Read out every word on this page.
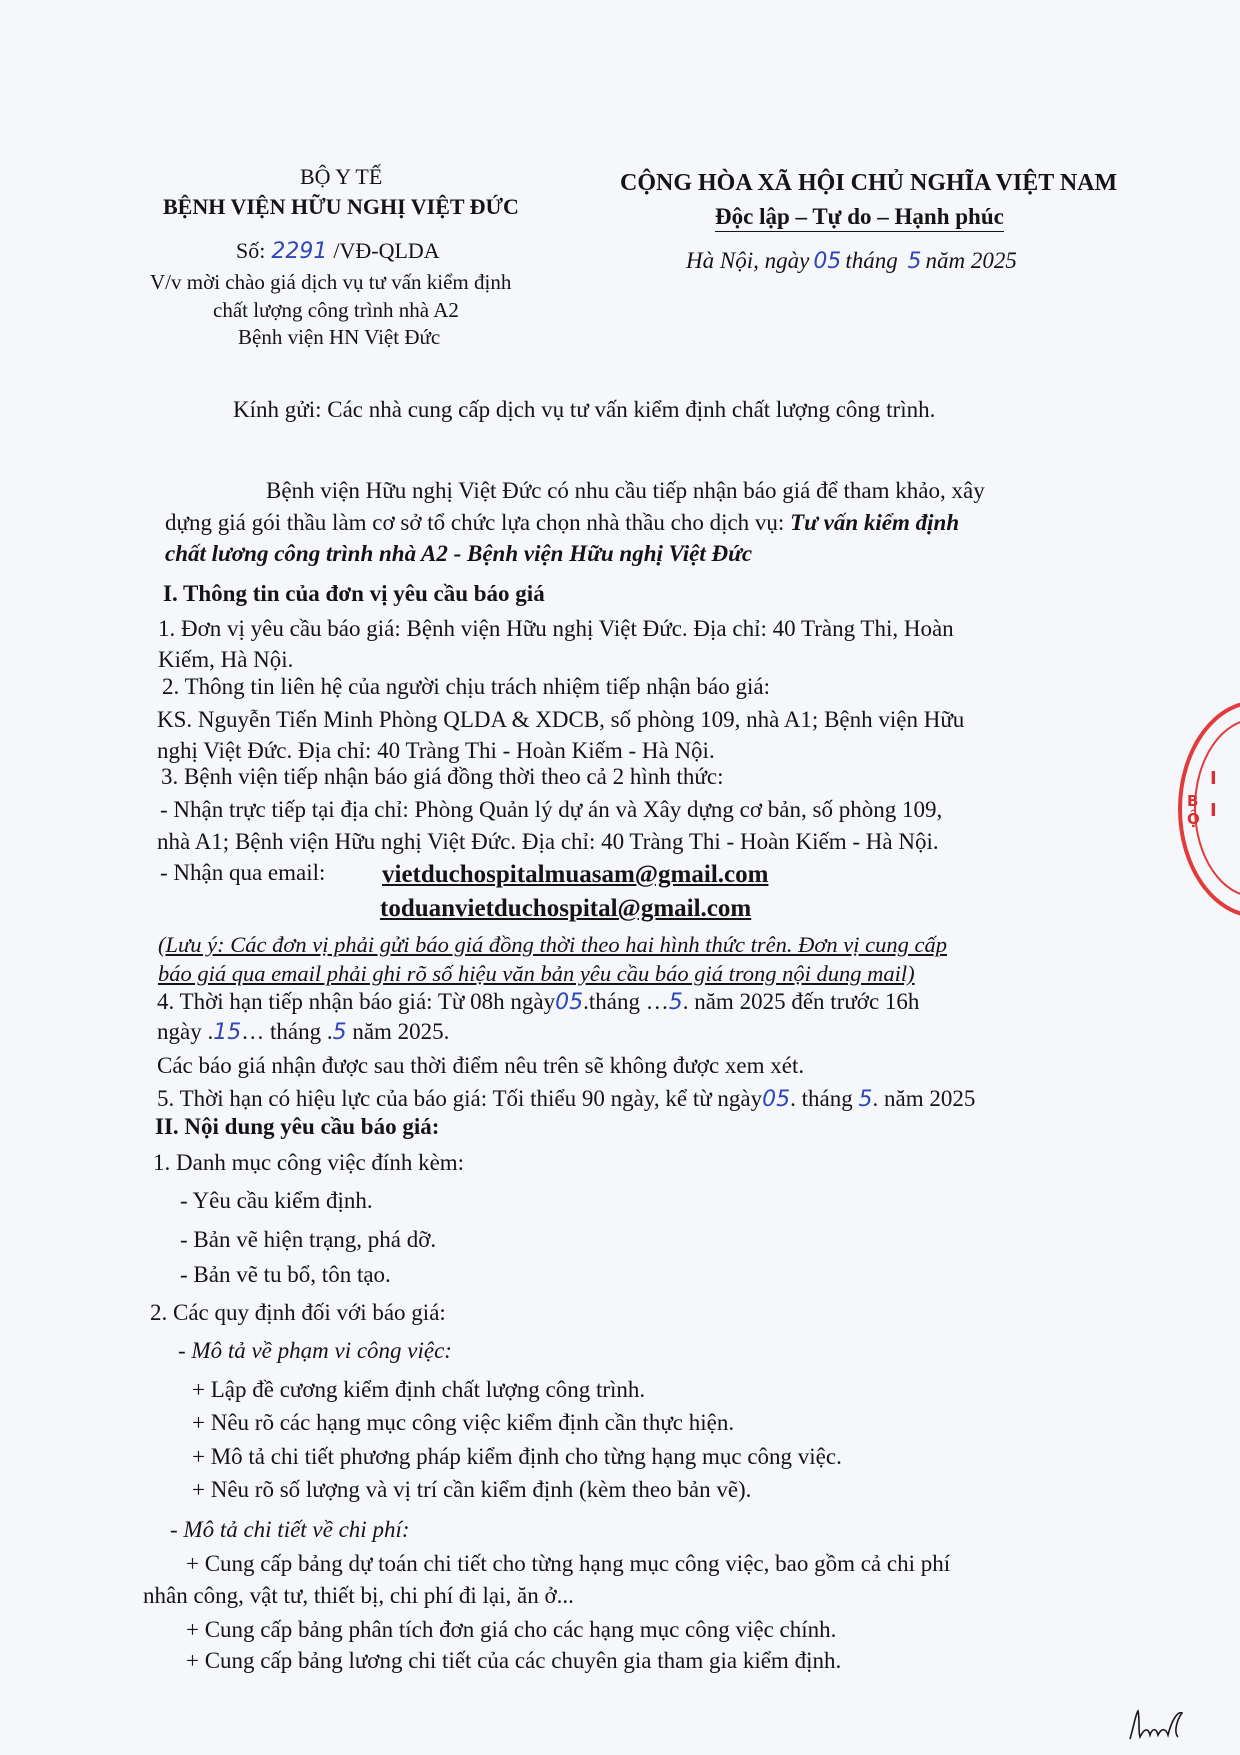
BỘ Y TẾ
BỆNH VIỆN HỮU NGHỊ VIỆT ĐỨC
Số: 2291 /VĐ-QLDA
V/v mời chào giá dịch vụ tư vấn kiểm định
chất lượng công trình nhà A2
Bệnh viện HN Việt Đức
CỘNG HÒA XÃ HỘI CHỦ NGHĨA VIỆT NAM
Độc lập – Tự do – Hạnh phúc
Hà Nội, ngày 05 tháng 5 năm 2025
Kính gửi: Các nhà cung cấp dịch vụ tư vấn kiểm định chất lượng công trình.
Bệnh viện Hữu nghị Việt Đức có nhu cầu tiếp nhận báo giá để tham khảo, xây
dựng giá gói thầu làm cơ sở tổ chức lựa chọn nhà thầu cho dịch vụ: Tư vấn kiểm định
chất lương công trình nhà A2 - Bệnh viện Hữu nghị Việt Đức
I. Thông tin của đơn vị yêu cầu báo giá
1. Đơn vị yêu cầu báo giá: Bệnh viện Hữu nghị Việt Đức. Địa chỉ: 40 Tràng Thi, Hoàn
Kiếm, Hà Nội.
2. Thông tin liên hệ của người chịu trách nhiệm tiếp nhận báo giá:
KS. Nguyễn Tiến Minh Phòng QLDA & XDCB, số phòng 109, nhà A1; Bệnh viện Hữu
nghị Việt Đức. Địa chỉ: 40 Tràng Thi - Hoàn Kiếm - Hà Nội.
3. Bệnh viện tiếp nhận báo giá đồng thời theo cả 2 hình thức:
- Nhận trực tiếp tại địa chỉ: Phòng Quản lý dự án và Xây dựng cơ bản, số phòng 109,
nhà A1; Bệnh viện Hữu nghị Việt Đức. Địa chỉ: 40 Tràng Thi - Hoàn Kiếm - Hà Nội.
- Nhận qua email: vietduchospitalmuasam@gmail.com
toduanvietduchospital@gmail.com
(Lưu ý: Các đơn vị phải gửi báo giá đồng thời theo hai hình thức trên. Đơn vị cung cấp
báo giá qua email phải ghi rõ số hiệu văn bản yêu cầu báo giá trong nội dung mail)
4. Thời hạn tiếp nhận báo giá: Từ 08h ngày05.tháng …5. năm 2025 đến trước 16h
ngày .15… tháng .5 năm 2025.
Các báo giá nhận được sau thời điểm nêu trên sẽ không được xem xét.
5. Thời hạn có hiệu lực của báo giá: Tối thiểu 90 ngày, kể từ ngày05. tháng 5. năm 2025
II. Nội dung yêu cầu báo giá:
1. Danh mục công việc đính kèm:
- Yêu cầu kiểm định.
- Bản vẽ hiện trạng, phá dỡ.
- Bản vẽ tu bổ, tôn tạo.
2. Các quy định đối với báo giá:
- Mô tả về phạm vi công việc:
+ Lập đề cương kiểm định chất lượng công trình.
+ Nêu rõ các hạng mục công việc kiểm định cần thực hiện.
+ Mô tả chi tiết phương pháp kiểm định cho từng hạng mục công việc.
+ Nêu rõ số lượng và vị trí cần kiểm định (kèm theo bản vẽ).
- Mô tả chi tiết về chi phí:
+ Cung cấp bảng dự toán chi tiết cho từng hạng mục công việc, bao gồm cả chi phí
nhân công, vật tư, thiết bị, chi phí đi lại, ăn ở...
+ Cung cấp bảng phân tích đơn giá cho các hạng mục công việc chính.
+ Cung cấp bảng lương chi tiết của các chuyên gia tham gia kiểm định.
B
Ộ
I
I
